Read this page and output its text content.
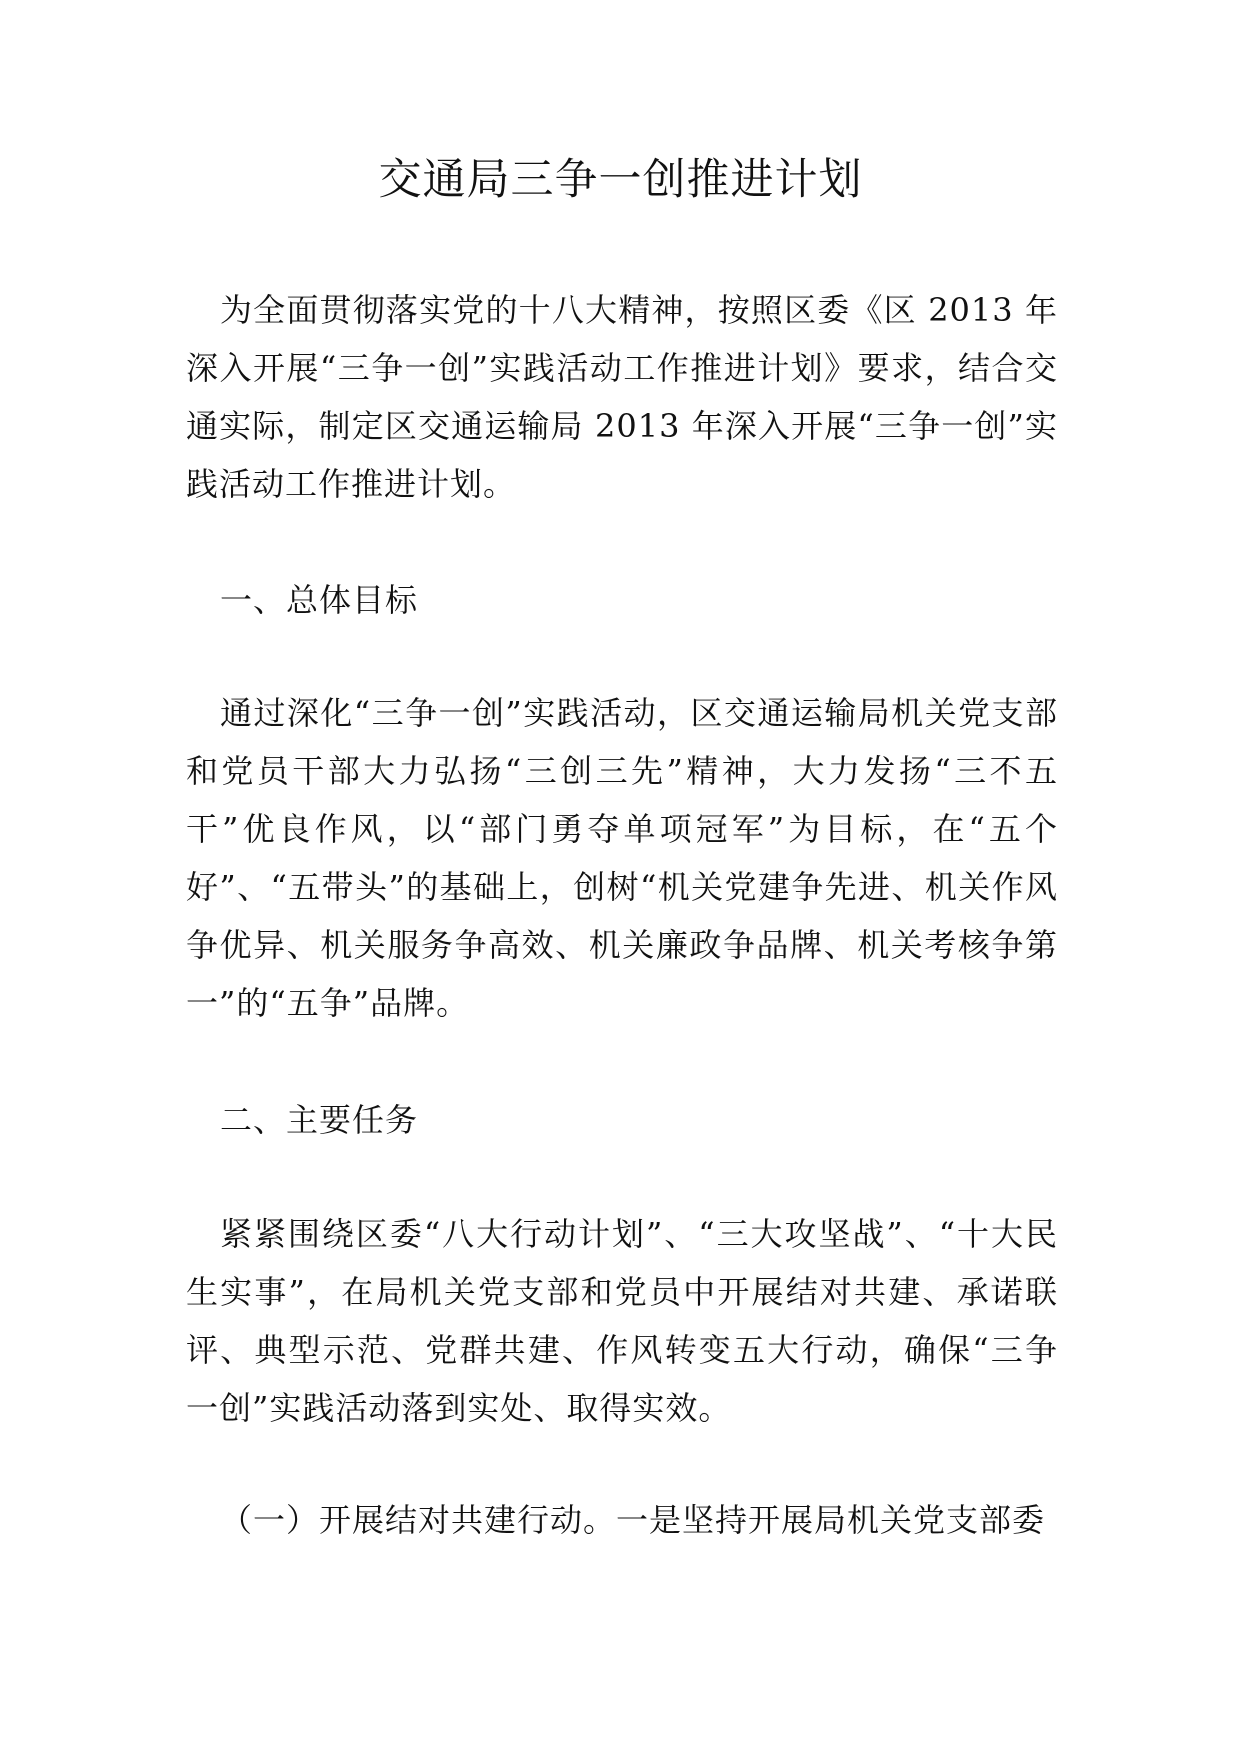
交通局三争一创推进计划

为全面贯彻落实党的十八大精神，按照区委《区 2013 年深入开展“三争一创”实践活动工作推进计划》要求，结合交通实际，制定区交通运输局 2013 年深入开展“三争一创”实践活动工作推进计划。

一、总体目标

通过深化“三争一创”实践活动，区交通运输局机关党支部和党员干部大力弘扬“三创三先”精神，大力发扬“三不五干”优良作风，以“部门勇夺单项冠军”为目标，在“五个好”、“五带头”的基础上，创树“机关党建争先进、机关作风争优异、机关服务争高效、机关廉政争品牌、机关考核争第一”的“五争”品牌。

二、主要任务

紧紧围绕区委“八大行动计划”、“三大攻坚战”、“十大民生实事”，在局机关党支部和党员中开展结对共建、承诺联评、典型示范、党群共建、作风转变五大行动，确保“三争一创”实践活动落到实处、取得实效。

（一）开展结对共建行动。一是坚持开展局机关党支部委
